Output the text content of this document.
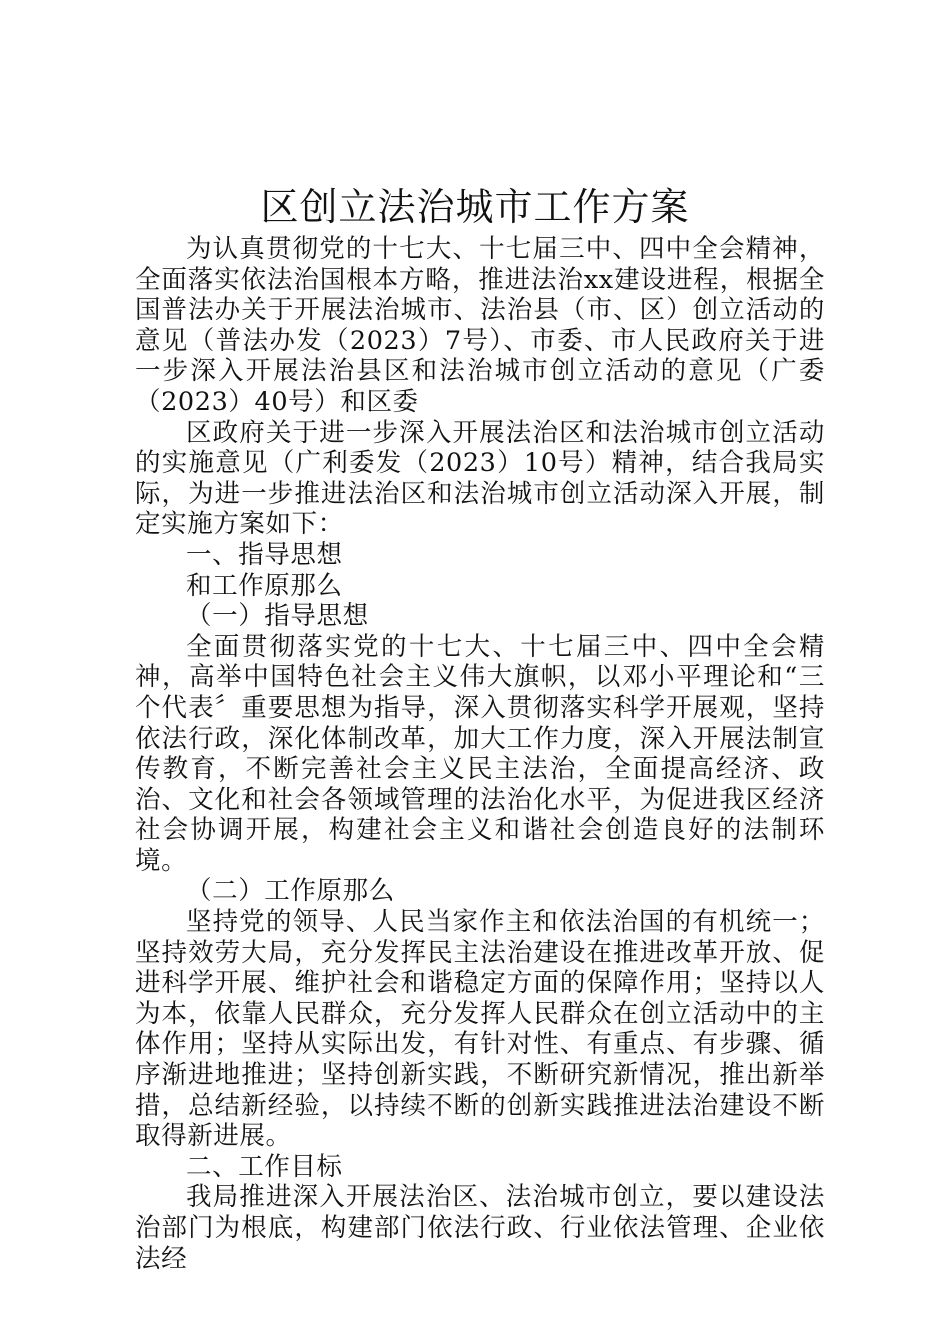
区创立法治城市工作方案

为认真贯彻党的十七大、十七届三中、四中全会精神，全面落实依法治国根本方略，推进法治xx建设进程，根据全国普法办关于开展法治城市、法治县（市、区）创立活动的意见（普法办发（2023）7号）、市委、市人民政府关于进一步深入开展法治县区和法治城市创立活动的意见（广委（2023）40号）和区委

区政府关于进一步深入开展法治区和法治城市创立活动的实施意见（广利委发（2023）10号）精神，结合我局实际，为进一步推进法治区和法治城市创立活动深入开展，制定实施方案如下：

一、指导思想

和工作原那么

（一）指导思想

全面贯彻落实党的十七大、十七届三中、四中全会精神，高举中国特色社会主义伟大旗帜，以邓小平理论和“三个代表〞重要思想为指导，深入贯彻落实科学开展观，坚持依法行政，深化体制改革，加大工作力度，深入开展法制宣传教育，不断完善社会主义民主法治，全面提高经济、政治、文化和社会各领域管理的法治化水平，为促进我区经济社会协调开展，构建社会主义和谐社会创造良好的法制环境。

（二）工作原那么

坚持党的领导、人民当家作主和依法治国的有机统一；坚持效劳大局，充分发挥民主法治建设在推进改革开放、促进科学开展、维护社会和谐稳定方面的保障作用；坚持以人为本，依靠人民群众，充分发挥人民群众在创立活动中的主体作用；坚持从实际出发，有针对性、有重点、有步骤、循序渐进地推进；坚持创新实践，不断研究新情况，推出新举措，总结新经验，以持续不断的创新实践推进法治建设不断取得新进展。

二、工作目标

我局推进深入开展法治区、法治城市创立，要以建设法治部门为根底，构建部门依法行政、行业依法管理、企业依法经
